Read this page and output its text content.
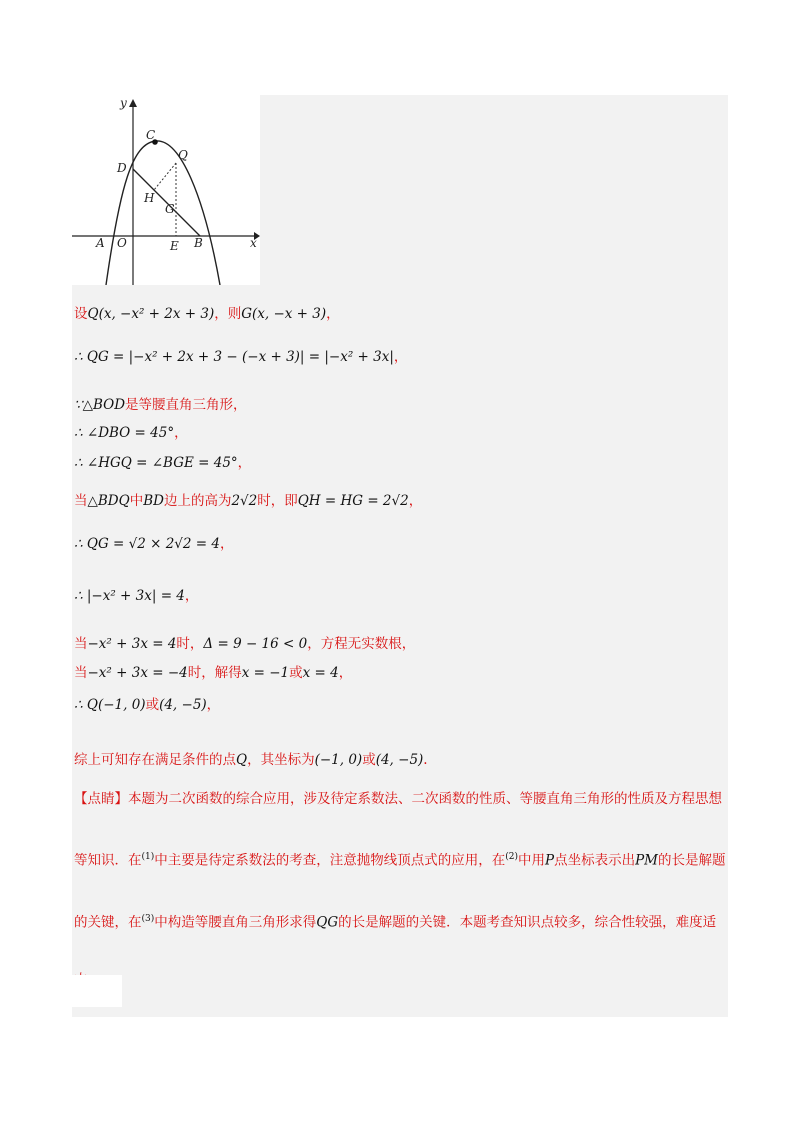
y
x
C
Q
D
H
G
A O	E B
设Q(x, −x² + 2x + 3)，则G(x, −x + 3)，
∴ QG = |−x² + 2x + 3 − (−x + 3)| = |−x² + 3x|，
∵△BOD是等腰直角三角形，
∴ ∠DBO = 45°，
∴ ∠HGQ = ∠BGE = 45°，
当△BDQ中BD边上的高为2√2时，即QH = HG = 2√2，
∴ QG = √2 × 2√2 = 4，
∴ |−x² + 3x| = 4，
当−x² + 3x = 4时，Δ = 9 − 16 < 0，方程无实数根，
当−x² + 3x = −4时，解得x = −1或x = 4，
∴ Q(−1, 0)或(4, −5)，
综上可知存在满足条件的点Q，其坐标为(−1, 0)或(4, −5).
【点睛】本题为二次函数的综合应用，涉及待定系数法、二次函数的性质、等腰直角三角形的性质及方程思想等知识．在$^{(1)}$中主要是待定系数法的考查，注意抛物线顶点式的应用，在$^{(2)}$中用P点坐标表示出PM的长是解题的关键，在$^{(3)}$中构造等腰直角三角形求得QG的长是解题的关键．本题考查知识点较多，综合性较强，难度适
